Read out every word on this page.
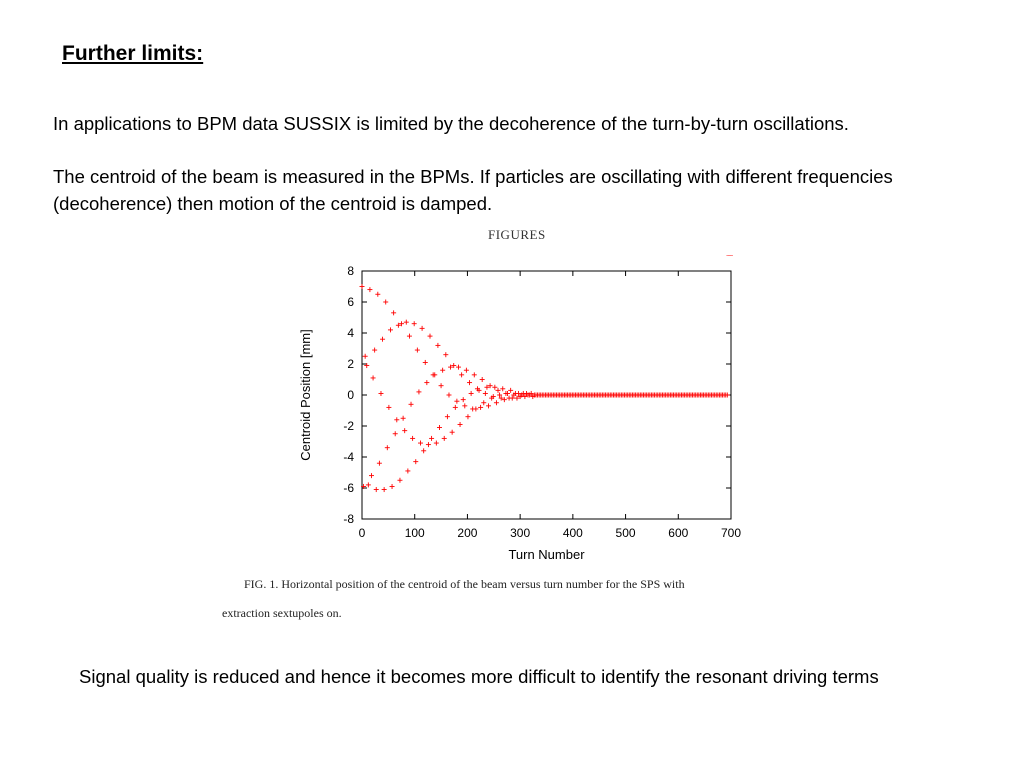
Further limits:
In applications to BPM data SUSSIX is limited by the decoherence of the turn-by-turn oscillations.
The centroid of the beam is measured in the BPMs. If particles are oscillating with different frequencies (decoherence) then motion of the centroid is damped.
FIGURES
0	100	200	300	400	500	600	700
-8
-6
-4
-2
0
2
4
6
8
Turn Number
Centroid Position [mm]
FIG. 1. Horizontal position of the centroid of the beam versus turn number for the SPS with
extraction sextupoles on.
Signal quality is reduced and hence it becomes more difficult to identify the resonant driving terms
